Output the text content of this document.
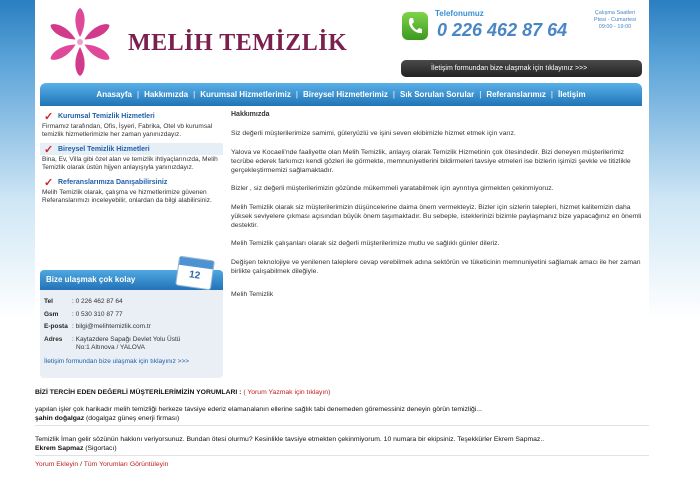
MELİH TEMİZLİK
Telefonumuz
0 226 462 87 64
Çalışma Saatleri
Ptesi - Cumartesi
09:00 - 19:00
İletişim formundan bize ulaşmak için tıklayınız >>>
Anasayfa | Hakkımızda | Kurumsal Hizmetlerimiz | Bireysel Hizmetlerimiz | Sık Sorulan Sorular | Referanslarımız | İletişim
✓ Kurumsal Temizlik Hizmetleri
Firmamız tarafından, Ofis, İşyeri, Fabrika, Otel vb kurumsal temizlik hizmetlerimizle her zaman yanınızdayız.
✓ Bireysel Temizlik Hizmetleri
Bina, Ev, Villa gibi özel alan ve temizlik ihtiyaçlarınızda, Melih Temizlik olarak üstün hijyen anlayışıyla yanınızdayız.
✓ Referanslarımıza Danışabilirsiniz
Melih Temizlik olarak, çalışma ve hizmetlerimize güvenen Referanslarımızı inceleyebilir, onlardan da bilgi alabilirsiniz.
Bize ulaşmak çok kolay	12
Tel	: 0 226 462 87 64
Gsm	: 0 530 310 87 77
E-posta : bilgi@melihtemizlik.com.tr
Adres	: Kaytazdere Sapağı Devlet Yolu Üstü
No:1 Altınova / YALOVA
İletişim formundan bize ulaşmak için tıklayınız >>>
Hakkımızda

Siz değerli müşterilerimize samimi, güleryüzlü ve işini seven ekibimizle hizmet etmek için varız.

Yalova ve Kocaeli'nde faaliyette olan Melih Temizlik, anlayış olarak Temizlik Hizmetinin çok ötesindedir. Bizi deneyen müşterilerimiz tecrübe ederek farkımızı kendi gözleri ile görmekte, memnuniyetlerini bildirmeleri tavsiye etmeleri ise bizlerin işimizi şevkle ve titizlikle gerçekleştirmemizi sağlamaktadır.

Bizler , siz değerli müşterilerimizin gözünde mükemmeli yaratabilmek için ayrıntıya girmekten çekinmiyoruz.

Melih Temizlik olarak siz müşterilerimizin düşüncelerine daima önem vermekteyiz. Bizler için sizlerin talepleri, hizmet kalitemizin daha yüksek seviyelere çıkması açısından büyük önem taşımaktadır. Bu sebeple, isteklerinizi bizimle paylaşmanız bize yapacağınız en önemli destektir.

Melih Temizlik çalışanları olarak siz değerli müşterilerimize mutlu ve sağlıklı günler dileriz.

Değişen teknolojiye ve yenilenen taleplere cevap verebilmek adına sektörün ve tüketicinin memnuniyetini sağlamak amacı ile her zaman birlikte çalışabilmek dileğiyle.

Melih Temizlik

BİZİ TERCİH EDEN DEĞERLİ MÜŞTERİLERİMİZİN YORUMLARI : ( Yorum Yazmak için tıklayın)
yapılan işler çok harikadır melih temizliği herkeze tavsiye ederiz elamanalanın ellerine sağlık tabi denemeden göremessiniz deneyin görün temizliği...
şahin doğalgaz (dogalgaz güneş enerji firması)
Temizlik İman gelir sözünün hakkını veriyorsunuz. Bundan ötesi olurmu? Kesinlikle tavsiye etmekten çekinmiyorum. 10 numara bir ekipsiniz. Teşekkürler Ekrem Sapmaz..
Ekrem Sapmaz (Sigortacı)
Yorum Ekleyin / Tüm Yorumları Görüntüleyin
